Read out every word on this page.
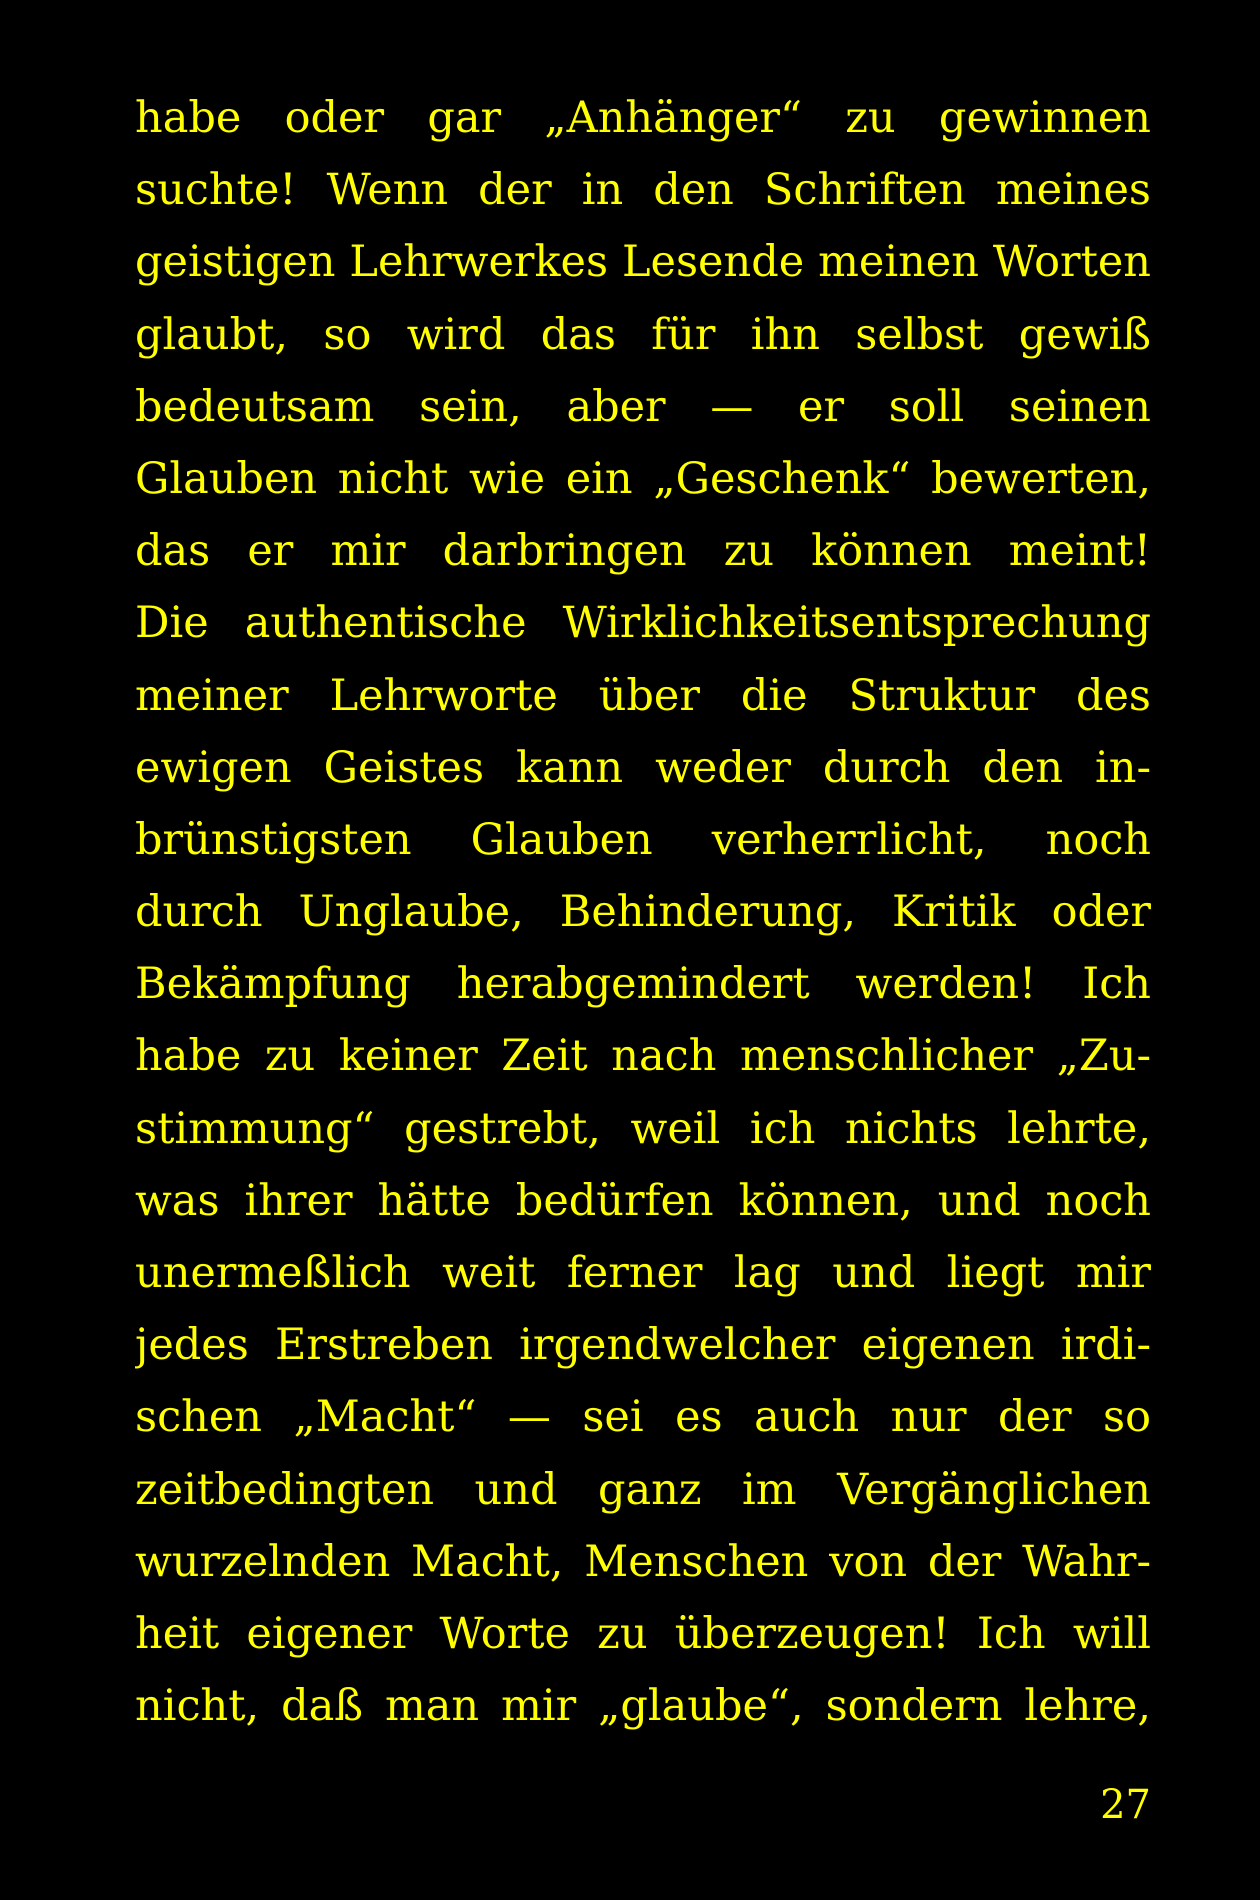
habe oder gar „Anhänger“ zu gewinnen
suchte! Wenn der in den Schriften meines
geistigen Lehrwerkes Lesende meinen Worten
glaubt, so wird das für ihn selbst gewiß
bedeutsam sein, aber — er soll seinen
Glauben nicht wie ein „Geschenk“ bewerten,
das er mir darbringen zu können meint!
Die authentische Wirklichkeitsentsprechung
meiner Lehrworte über die Struktur des
ewigen Geistes kann weder durch den in-
brünstigsten Glauben verherrlicht, noch
durch Unglaube, Behinderung, Kritik oder
Bekämpfung herabgemindert werden! Ich
habe zu keiner Zeit nach menschlicher „Zu-
stimmung“ gestrebt, weil ich nichts lehrte,
was ihrer hätte bedürfen können, und noch
unermeßlich weit ferner lag und liegt mir
jedes Erstreben irgendwelcher eigenen irdi-
schen „Macht“ — sei es auch nur der so
zeitbedingten und ganz im Vergänglichen
wurzelnden Macht, Menschen von der Wahr-
heit eigener Worte zu überzeugen! Ich will
nicht, daß man mir „glaube“, sondern lehre,
27
